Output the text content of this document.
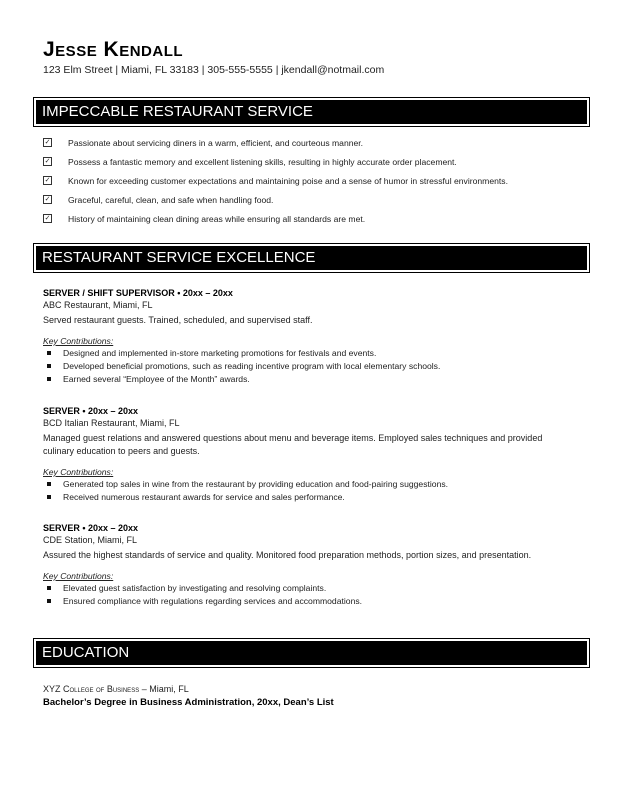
Jesse Kendall
123 Elm Street | Miami, FL 33183 | 305-555-5555 | jkendall@notmail.com
IMPECCABLE RESTAURANT SERVICE
✓ Passionate about servicing diners in a warm, efficient, and courteous manner.
✓ Possess a fantastic memory and excellent listening skills, resulting in highly accurate order placement.
✓ Known for exceeding customer expectations and maintaining poise and a sense of humor in stressful environments.
✓ Graceful, careful, clean, and safe when handling food.
✓ History of maintaining clean dining areas while ensuring all standards are met.
RESTAURANT SERVICE EXCELLENCE
SERVER / SHIFT SUPERVISOR • 20xx – 20xx
ABC Restaurant, Miami, FL
Served restaurant guests. Trained, scheduled, and supervised staff.
Key Contributions:
Designed and implemented in-store marketing promotions for festivals and events.
Developed beneficial promotions, such as reading incentive program with local elementary schools.
Earned several “Employee of the Month” awards.
SERVER • 20xx – 20xx
BCD Italian Restaurant, Miami, FL
Managed guest relations and answered questions about menu and beverage items. Employed sales techniques and provided culinary education to peers and guests.
Key Contributions:
Generated top sales in wine from the restaurant by providing education and food-pairing suggestions.
Received numerous restaurant awards for service and sales performance.
SERVER • 20xx – 20xx
CDE Station, Miami, FL
Assured the highest standards of service and quality. Monitored food preparation methods, portion sizes, and presentation.
Key Contributions:
Elevated guest satisfaction by investigating and resolving complaints.
Ensured compliance with regulations regarding services and accommodations.
EDUCATION
XYZ College of Business – Miami, FL
Bachelor’s Degree in Business Administration, 20xx, Dean’s List
